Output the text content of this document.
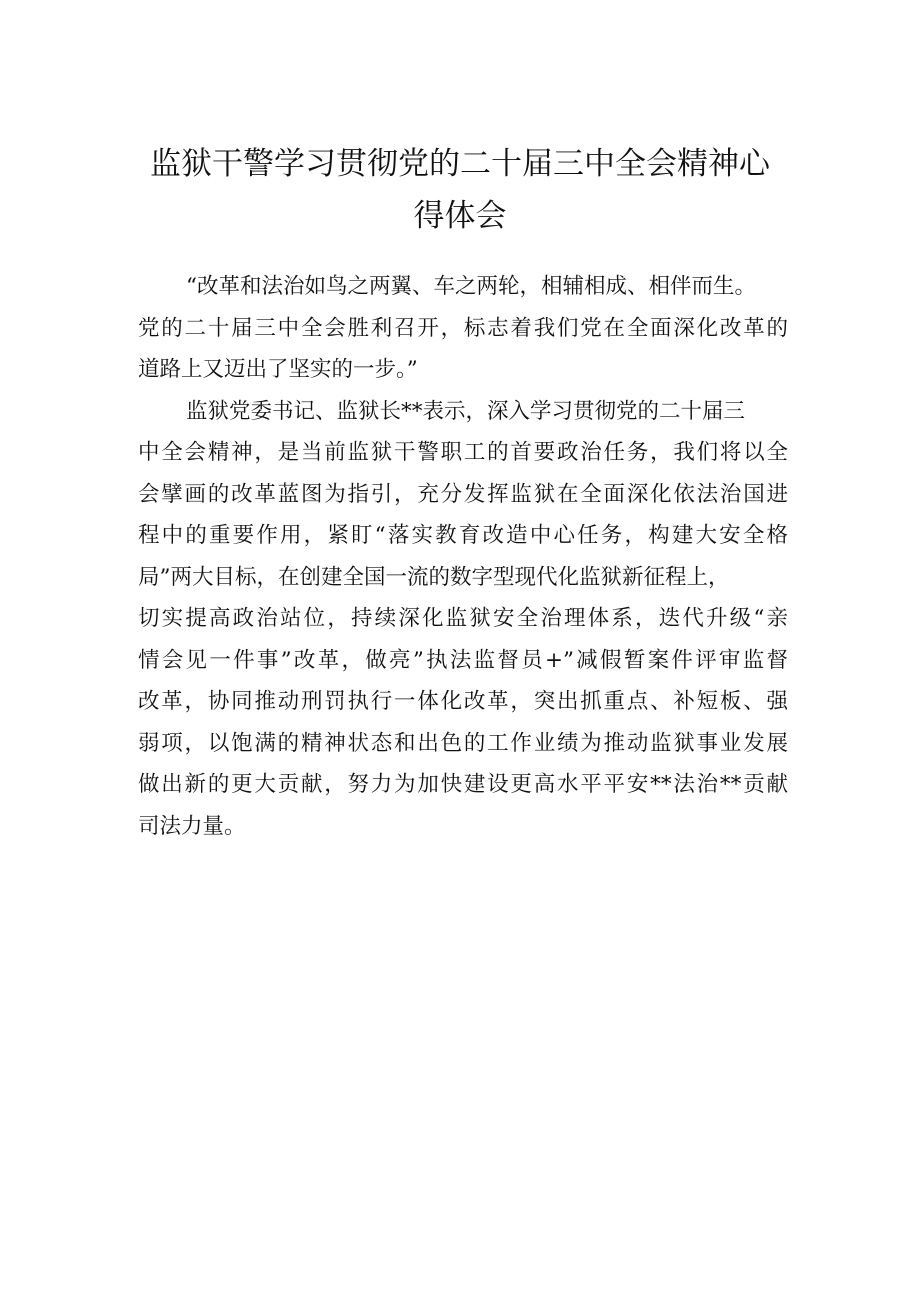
监狱干警学习贯彻党的二十届三中全会精神心
得体会
“改革和法治如鸟之两翼、车之两轮，相辅相成、相伴而生。
党的二十届三中全会胜利召开，标志着我们党在全面深化改革的
道路上又迈出了坚实的一步。”
监狱党委书记、监狱长**表示，深入学习贯彻党的二十届三
中全会精神，是当前监狱干警职工的首要政治任务，我们将以全
会擘画的改革蓝图为指引，充分发挥监狱在全面深化依法治国进
程中的重要作用，紧盯“落实教育改造中心任务，构建大安全格
局”两大目标，在创建全国一流的数字型现代化监狱新征程上，
切实提高政治站位，持续深化监狱安全治理体系，迭代升级“亲
情会见一件事”改革，做亮”执法监督员+”减假暂案件评审监督
改革，协同推动刑罚执行一体化改革，突出抓重点、补短板、强
弱项，以饱满的精神状态和出色的工作业绩为推动监狱事业发展
做出新的更大贡献，努力为加快建设更高水平平安**法治**贡献
司法力量。
